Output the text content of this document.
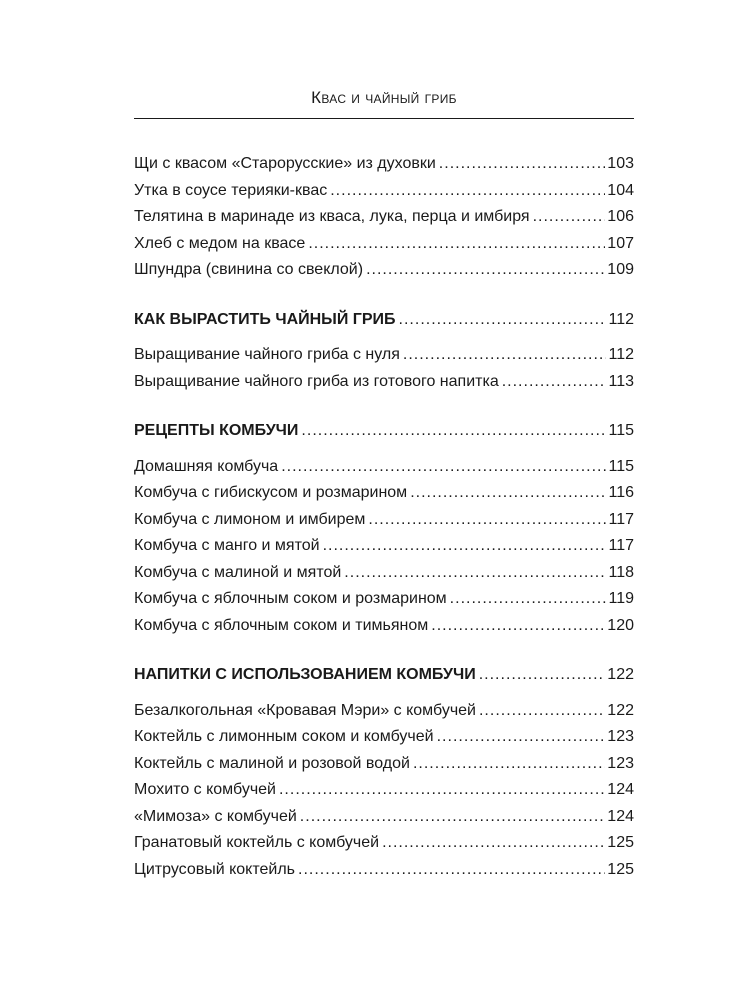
Квас и чайный гриб
Щи с квасом «Старорусские» из духовки .....	103
Утка в соусе терияки-квас .....	104
Телятина в маринаде из кваса, лука, перца и имбиря .....	106
Хлеб с медом на квасе .....	107
Шпундра (свинина со свеклой) .....	109
КАК ВЫРАСТИТЬ ЧАЙНЫЙ ГРИБ .....	112
Выращивание чайного гриба с нуля .....	112
Выращивание чайного гриба из готового напитка .....	113
РЕЦЕПТЫ КОМБУЧИ .....	115
Домашняя комбуча .....	115
Комбуча с гибискусом и розмарином .....	116
Комбуча с лимоном и имбирем .....	117
Комбуча с манго и мятой .....	117
Комбуча с малиной и мятой .....	118
Комбуча с яблочным соком и розмарином .....	119
Комбуча с яблочным соком и тимьяном .....	120
НАПИТКИ С ИСПОЛЬЗОВАНИЕМ КОМБУЧИ .....	122
Безалкогольная «Кровавая Мэри» с комбучей .....	122
Коктейль с лимонным соком и комбучей .....	123
Коктейль с малиной и розовой водой .....	123
Мохито с комбучей .....	124
«Мимоза» с комбучей .....	124
Гранатовый коктейль с комбучей .....	125
Цитрусовый коктейль .....	125
